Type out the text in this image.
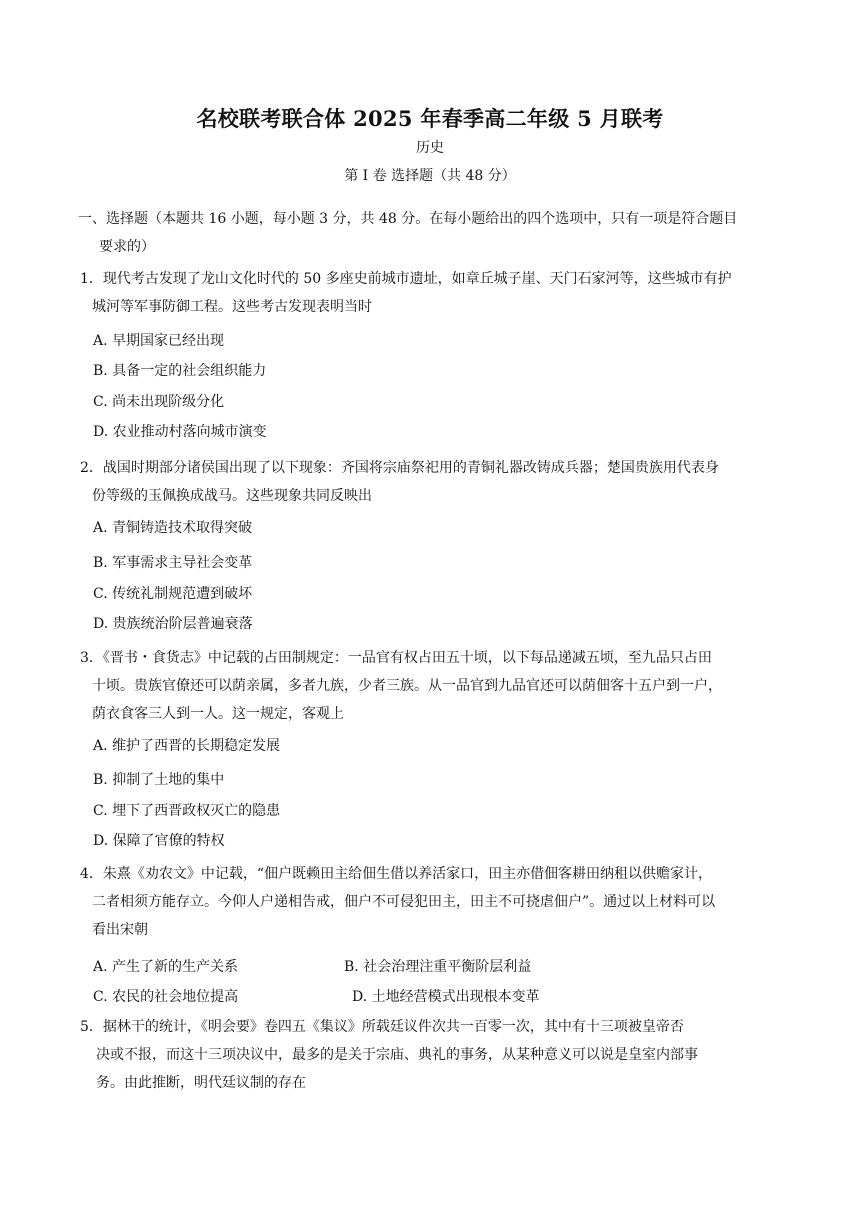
名校联考联合体 2025 年春季高二年级 5 月联考
历史
第 I 卷 选择题（共 48 分）
一、选择题（本题共 16 小题，每小题 3 分，共 48 分。在每小题给出的四个选项中，只有一项是符合题目
要求的）
1．现代考古发现了龙山文化时代的 50 多座史前城市遗址，如章丘城子崖、天门石家河等，这些城市有护
城河等军事防御工程。这些考古发现表明当时
A. 早期国家已经出现
B. 具备一定的社会组织能力
C. 尚未出现阶级分化
D. 农业推动村落向城市演变
2．战国时期部分诸侯国出现了以下现象：齐国将宗庙祭祀用的青铜礼器改铸成兵器；楚国贵族用代表身
份等级的玉佩换成战马。这些现象共同反映出
A. 青铜铸造技术取得突破
B. 军事需求主导社会变革
C. 传统礼制规范遭到破坏
D. 贵族统治阶层普遍衰落
3．《晋书・食货志》中记载的占田制规定：一品官有权占田五十顷，以下每品递减五顷，至九品只占田
十顷。贵族官僚还可以荫亲属，多者九族，少者三族。从一品官到九品官还可以荫佃客十五户到一户，
荫衣食客三人到一人。这一规定，客观上
A. 维护了西晋的长期稳定发展
B. 抑制了土地的集中
C. 埋下了西晋政权灭亡的隐患
D. 保障了官僚的特权
4．朱熹《劝农文》中记载，“佃户既赖田主给佃生借以养活家口，田主亦借佃客耕田纳租以供赡家计，
二者相须方能存立。今仰人户递相告戒，佃户不可侵犯田主，田主不可挠虐佃户”。通过以上材料可以
看出宋朝
A. 产生了新的生产关系	B. 社会治理注重平衡阶层利益
C. 农民的社会地位提高	D. 土地经营模式出现根本变革
5．据林干的统计，《明会要》卷四五《集议》所载廷议件次共一百零一次，其中有十三项被皇帝否
决或不报，而这十三项决议中，最多的是关于宗庙、典礼的事务，从某种意义可以说是皇室内部事
务。由此推断，明代廷议制的存在
